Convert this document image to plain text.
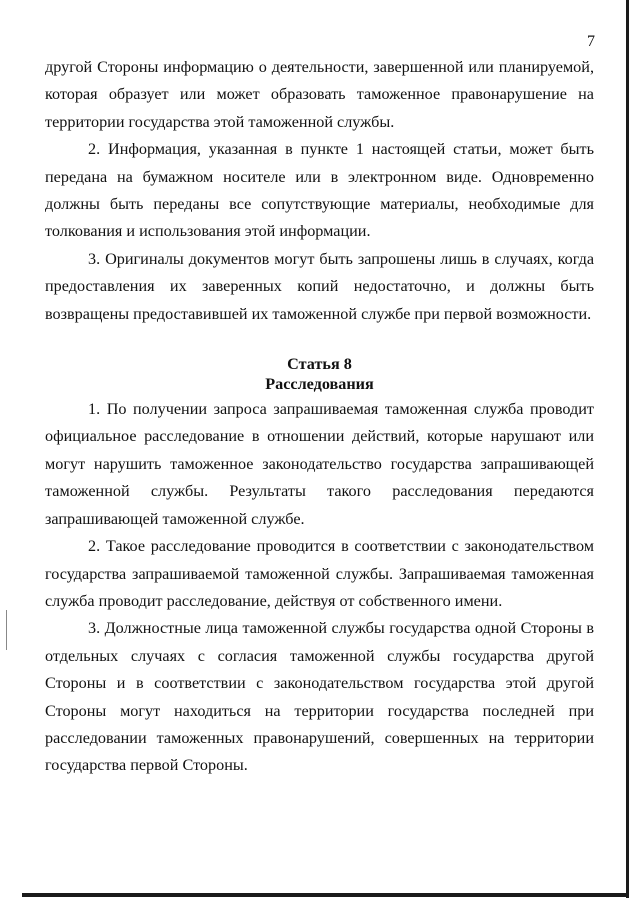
7

другой Стороны информацию о деятельности, завершенной или планируемой, которая образует или может образовать таможенное правонарушение на территории государства этой таможенной службы.

2. Информация, указанная в пункте 1 настоящей статьи, может быть передана на бумажном носителе или в электронном виде. Одновременно должны быть переданы все сопутствующие материалы, необходимые для толкования и использования этой информации.

3. Оригиналы документов могут быть запрошены лишь в случаях, когда предоставления их заверенных копий недостаточно, и должны быть возвращены предоставившей их таможенной службе при первой возможности.

Статья 8
Расследования

1. По получении запроса запрашиваемая таможенная служба проводит официальное расследование в отношении действий, которые нарушают или могут нарушить таможенное законодательство государства запрашивающей таможенной службы. Результаты такого расследования передаются запрашивающей таможенной службе.

2. Такое расследование проводится в соответствии с законодательством государства запрашиваемой таможенной службы. Запрашиваемая таможенная служба проводит расследование, действуя от собственного имени.

3. Должностные лица таможенной службы государства одной Стороны в отдельных случаях с согласия таможенной службы государства другой Стороны и в соответствии с законодательством государства этой другой Стороны могут находиться на территории государства последней при расследовании таможенных правонарушений, совершенных на территории государства первой Стороны.
